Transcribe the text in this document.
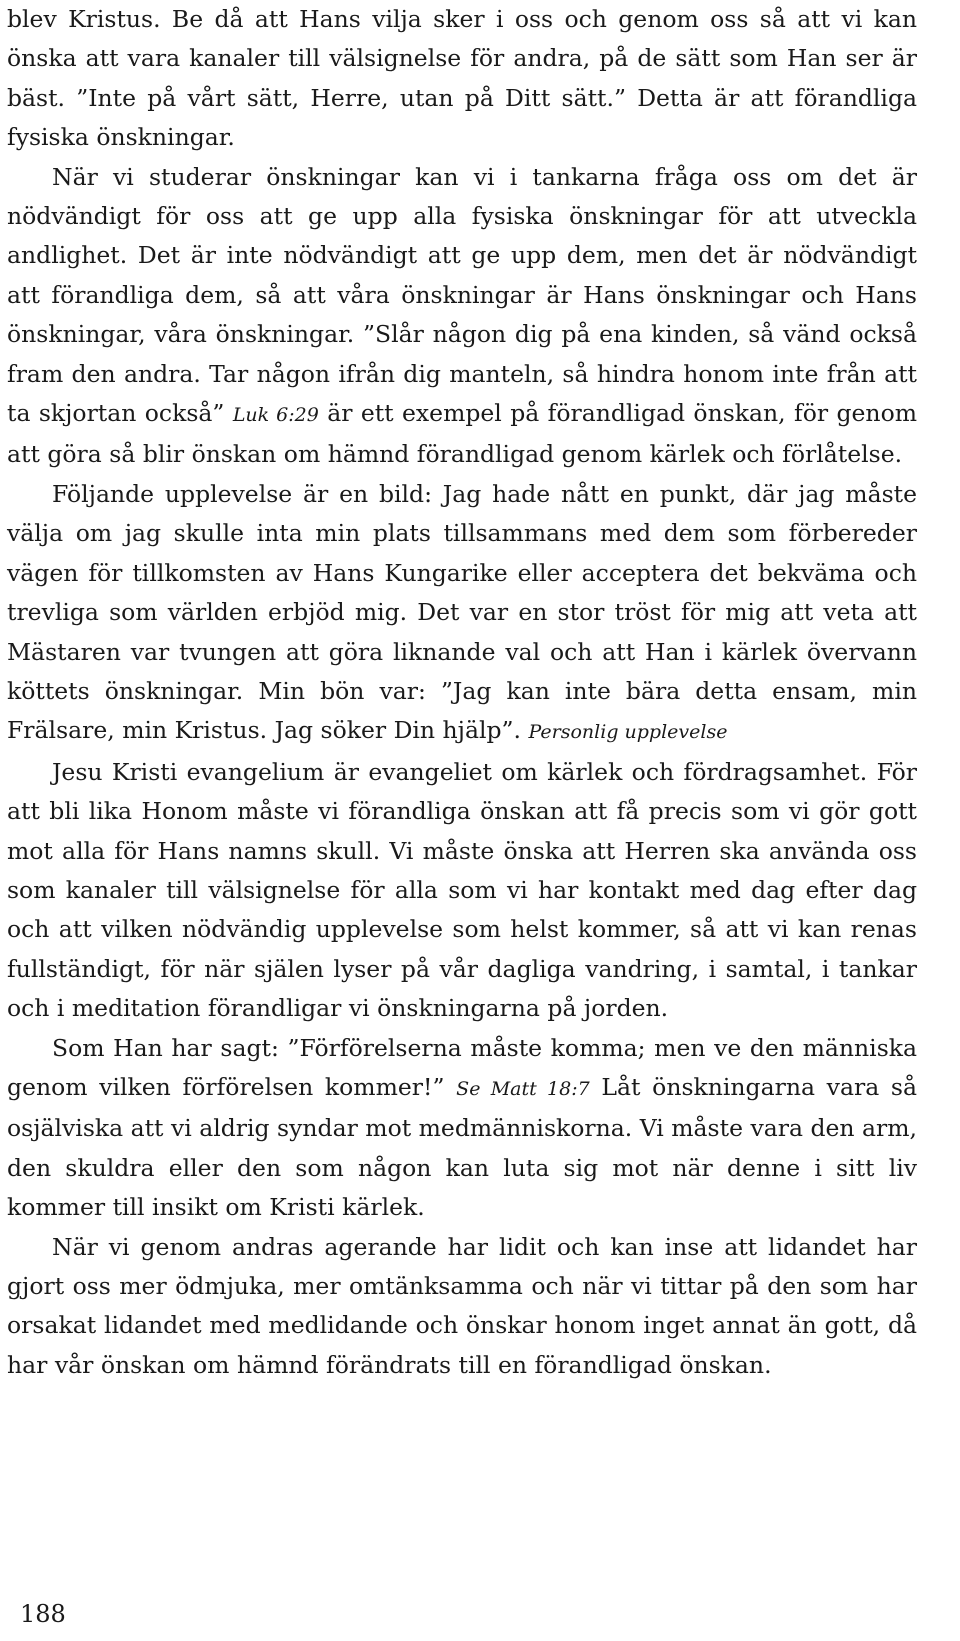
blev Kristus. Be då att Hans vilja sker i oss och genom oss så att vi kan önska att vara kanaler till välsignelse för andra, på de sätt som Han ser är bäst. ”Inte på vårt sätt, Herre, utan på Ditt sätt.” Detta är att förandliga fysiska önskningar.

När vi studerar önskningar kan vi i tankarna fråga oss om det är nödvändigt för oss att ge upp alla fysiska önskningar för att utveckla andlighet. Det är inte nödvändigt att ge upp dem, men det är nödvändigt att förandliga dem, så att våra önskningar är Hans önskningar och Hans önskningar, våra önskningar. ”Slår någon dig på ena kinden, så vänd också fram den andra. Tar någon ifrån dig manteln, så hindra honom inte från att ta skjortan också” Luk 6:29 är ett exempel på förandligad önskan, för genom att göra så blir önskan om hämnd förandligad genom kärlek och förlåtelse.

Följande upplevelse är en bild: Jag hade nått en punkt, där jag måste välja om jag skulle inta min plats tillsammans med dem som förbereder vägen för tillkomsten av Hans Kungarike eller acceptera det bekväma och trevliga som världen erbjöd mig. Det var en stor tröst för mig att veta att Mästaren var tvungen att göra liknande val och att Han i kärlek övervann köttets önskningar. Min bön var: ”Jag kan inte bära detta ensam, min Frälsare, min Kristus. Jag söker Din hjälp”. Personlig upplevelse

Jesu Kristi evangelium är evangeliet om kärlek och fördragsamhet. För att bli lika Honom måste vi förandliga önskan att få precis som vi gör gott mot alla för Hans namns skull. Vi måste önska att Herren ska använda oss som kanaler till välsignelse för alla som vi har kontakt med dag efter dag och att vilken nödvändig upplevelse som helst kommer, så att vi kan renas fullständigt, för när själen lyser på vår dagliga vandring, i samtal, i tankar och i meditation förandligar vi önskningarna på jorden.

Som Han har sagt: ”Förförelserna måste komma; men ve den människa genom vilken förförelsen kommer!” Se Matt 18:7 Låt önskningarna vara så osjälviska att vi aldrig syndar mot medmänniskorna. Vi måste vara den arm, den skuldra eller den som någon kan luta sig mot när denne i sitt liv kommer till insikt om Kristi kärlek.

När vi genom andras agerande har lidit och kan inse att lidandet har gjort oss mer ödmjuka, mer omtänksamma och när vi tittar på den som har orsakat lidandet med medlidande och önskar honom inget annat än gott, då har vår önskan om hämnd förändrats till en förandligad önskan.

188
